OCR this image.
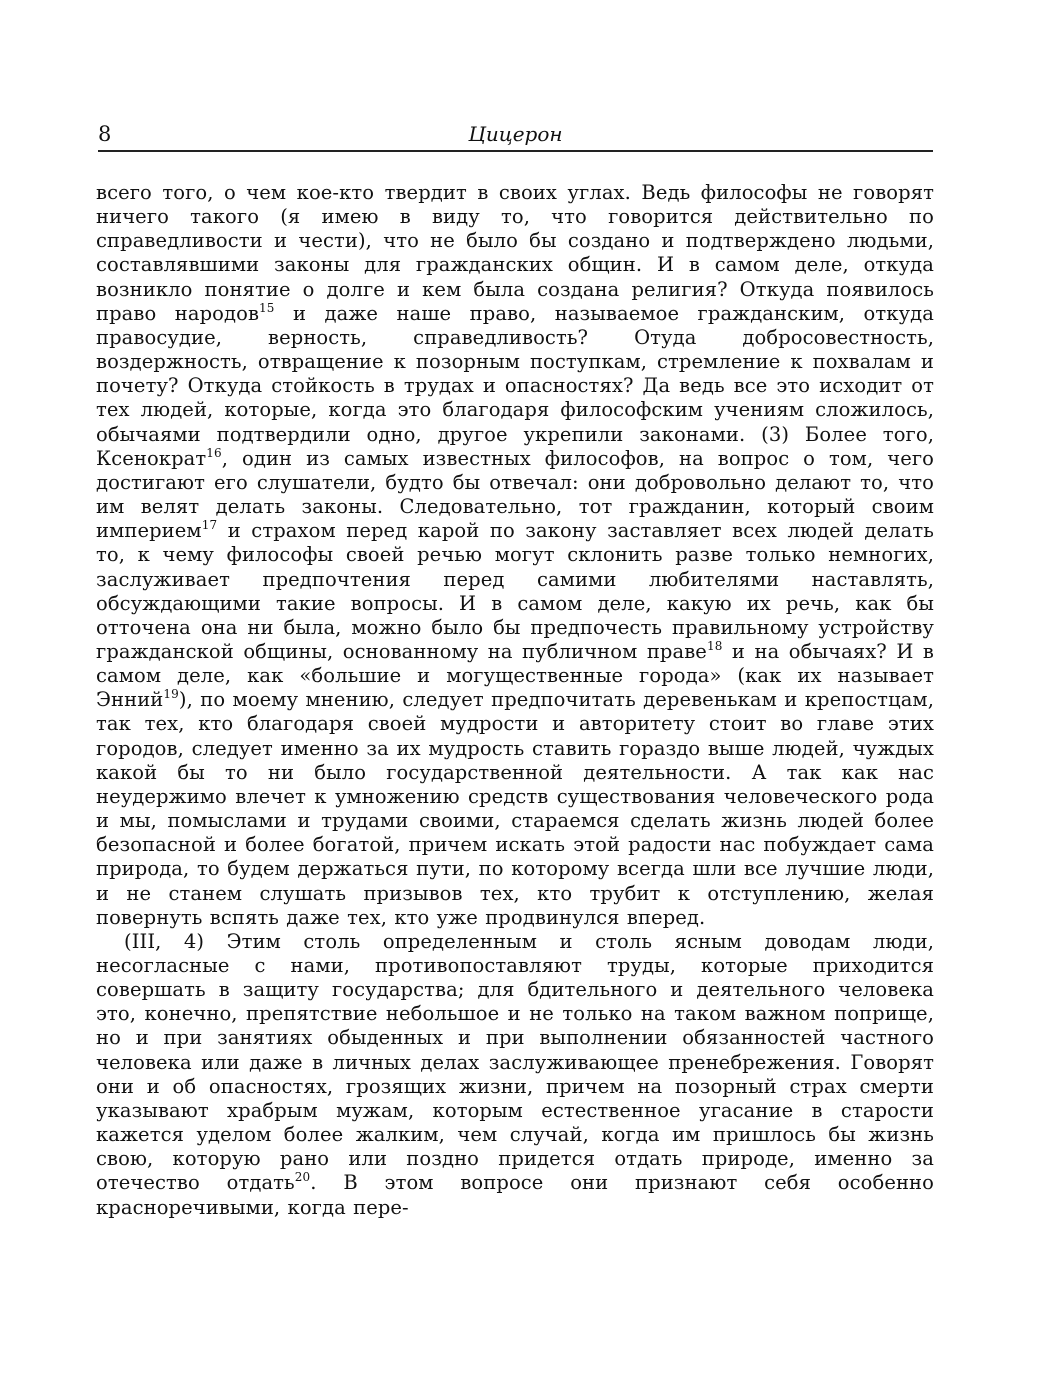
8	Цицерон

всего того, о чем кое-кто твердит в своих углах. Ведь философы не говорят ничего такого (я имею в виду то, что говорится действительно по справедливости и чести), что не было бы создано и подтверждено людьми, составлявшими законы для гражданских общин. И в самом деле, откуда возникло понятие о долге и кем была создана религия? Откуда появилось право народов$^{15}$ и даже наше право, называемое гражданским, откуда правосудие, верность, справедливость? Отуда добросовестность, воздержность, отвращение к позорным поступкам, стремление к похвалам и почету? Откуда стойкость в трудах и опасностях? Да ведь все это исходит от тех людей, которые, когда это благодаря философским учениям сложилось, обычаями подтвердили одно, другое укрепили законами. (3) Более того, Ксенократ$^{16}$, один из самых известных философов, на вопрос о том, чего достигают его слушатели, будто бы отвечал: они добровольно делают то, что им велят делать законы. Следовательно, тот гражданин, который своим империем$^{17}$ и страхом перед карой по закону заставляет всех людей делать то, к чему философы своей речью могут склонить разве только немногих, заслуживает предпочтения перед самими любителями наставлять, обсуждающими такие вопросы. И в самом деле, какую их речь, как бы отточена она ни была, можно было бы предпочесть правильному устройству гражданской общины, основанному на публичном праве$^{18}$ и на обычаях? И в самом деле, как «большие и могущественные города» (как их называет Энний$^{19}$), по моему мнению, следует предпочитать деревенькам и крепостцам, так тех, кто благодаря своей мудрости и авторитету стоит во главе этих городов, следует именно за их мудрость ставить гораздо выше людей, чуждых какой бы то ни было государственной деятельности. А так как нас неудержимо влечет к умножению средств существования человеческого рода и мы, помыслами и трудами своими, стараемся сделать жизнь людей более безопасной и более богатой, причем искать этой радости нас побуждает сама природа, то будем держаться пути, по которому всегда шли все лучшие люди, и не станем слушать призывов тех, кто трубит к отступлению, желая повернуть вспять даже тех, кто уже продвинулся вперед.

(III, 4) Этим столь определенным и столь ясным доводам люди, несогласные с нами, противопоставляют труды, которые приходится совершать в защиту государства; для бдительного и деятельного человека это, конечно, препятствие небольшое и не только на таком важном поприще, но и при занятиях обыденных и при выполнении обязанностей частного человека или даже в личных делах заслуживающее пренебрежения. Говорят они и об опасностях, грозящих жизни, причем на позорный страх смерти указывают храбрым мужам, которым естественное угасание в старости кажется уделом более жалким, чем случай, когда им пришлось бы жизнь свою, которую рано или поздно придется отдать природе, именно за отечество отдать$^{20}$. В этом вопросе они признают себя особенно красноречивыми, когда пере-
